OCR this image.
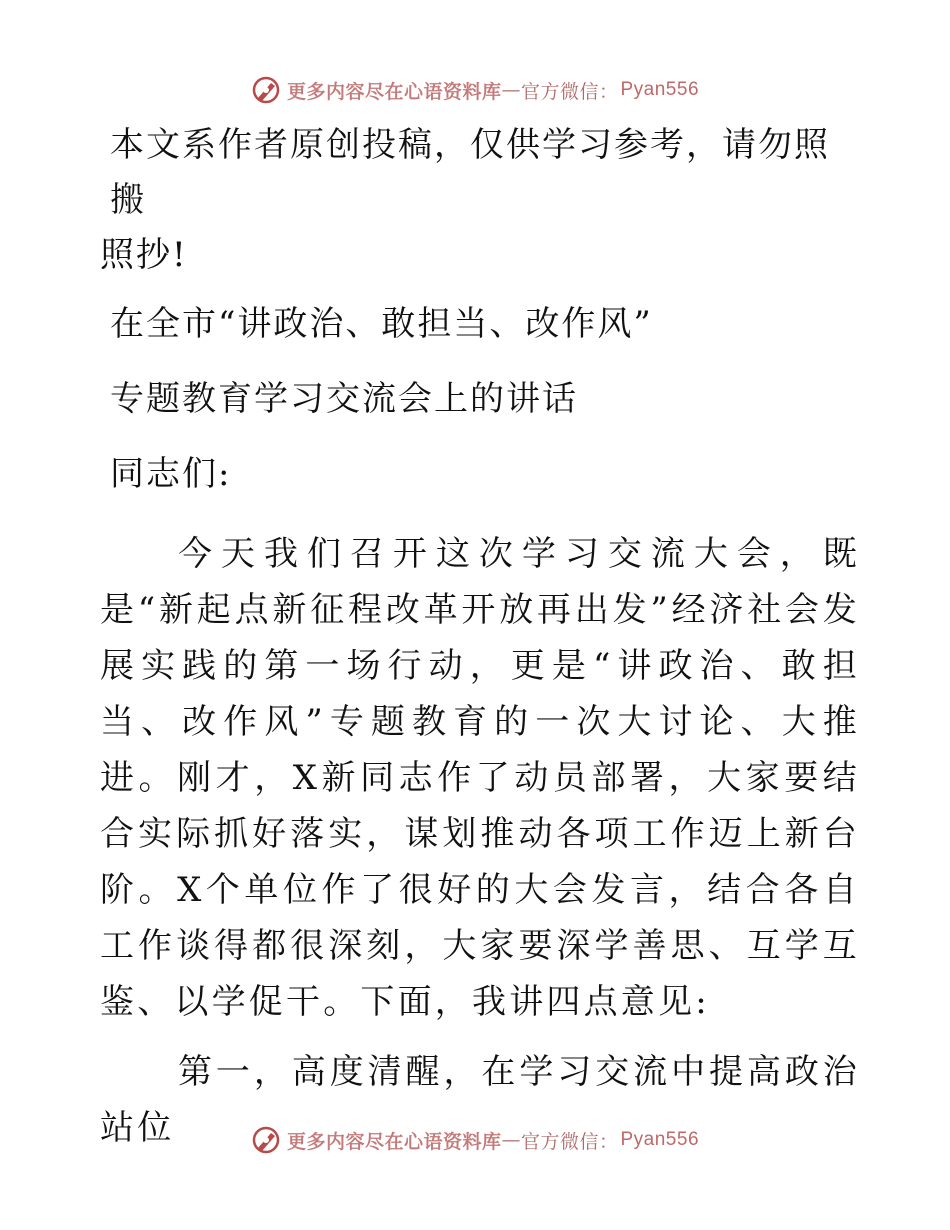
更多内容尽在心语资料库 — 官方微信： Pyan556

本文系作者原创投稿，仅供学习参考，请勿照搬

照抄!

在全市“讲政治、敢担当、改作风”

专题教育学习交流会上的讲话

同志们:

今天我们召开这次学习交流大会，既是“新起点新征程改革开放再出发”经济社会发展实践的第一场行动，更是“讲政治、敢担当、改作风”专题教育的一次大讨论、大推进。刚才，X新同志作了动员部署，大家要结合实际抓好落实，谋划推动各项工作迈上新台阶。X个单位作了很好的大会发言，结合各自工作谈得都很深刻，大家要深学善思、互学互鉴、以学促干。下面，我讲四点意见:

第一，高度清醒，在学习交流中提高政治站位	更多内容尽在心语资料库 — 官方微信： Pyan556
